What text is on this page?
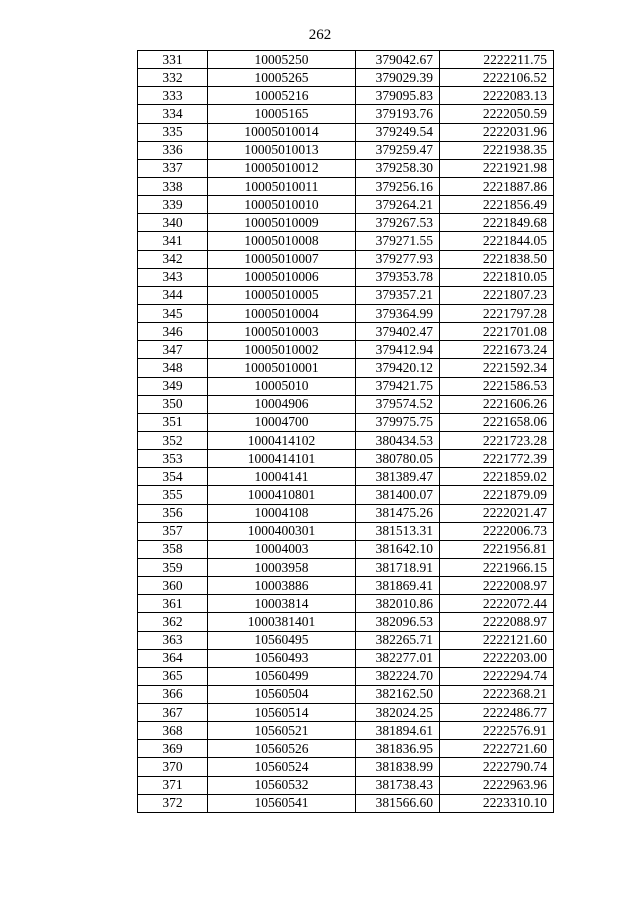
262
331	10005250	379042.67	2222211.75
332	10005265	379029.39	2222106.52
333	10005216	379095.83	2222083.13
334	10005165	379193.76	2222050.59
335	10005010014	379249.54	2222031.96
336	10005010013	379259.47	2221938.35
337	10005010012	379258.30	2221921.98
338	10005010011	379256.16	2221887.86
339	10005010010	379264.21	2221856.49
340	10005010009	379267.53	2221849.68
341	10005010008	379271.55	2221844.05
342	10005010007	379277.93	2221838.50
343	10005010006	379353.78	2221810.05
344	10005010005	379357.21	2221807.23
345	10005010004	379364.99	2221797.28
346	10005010003	379402.47	2221701.08
347	10005010002	379412.94	2221673.24
348	10005010001	379420.12	2221592.34
349	10005010	379421.75	2221586.53
350	10004906	379574.52	2221606.26
351	10004700	379975.75	2221658.06
352	1000414102	380434.53	2221723.28
353	1000414101	380780.05	2221772.39
354	10004141	381389.47	2221859.02
355	1000410801	381400.07	2221879.09
356	10004108	381475.26	2222021.47
357	1000400301	381513.31	2222006.73
358	10004003	381642.10	2221956.81
359	10003958	381718.91	2221966.15
360	10003886	381869.41	2222008.97
361	10003814	382010.86	2222072.44
362	1000381401	382096.53	2222088.97
363	10560495	382265.71	2222121.60
364	10560493	382277.01	2222203.00
365	10560499	382224.70	2222294.74
366	10560504	382162.50	2222368.21
367	10560514	382024.25	2222486.77
368	10560521	381894.61	2222576.91
369	10560526	381836.95	2222721.60
370	10560524	381838.99	2222790.74
371	10560532	381738.43	2222963.96
372	10560541	381566.60	2223310.10
